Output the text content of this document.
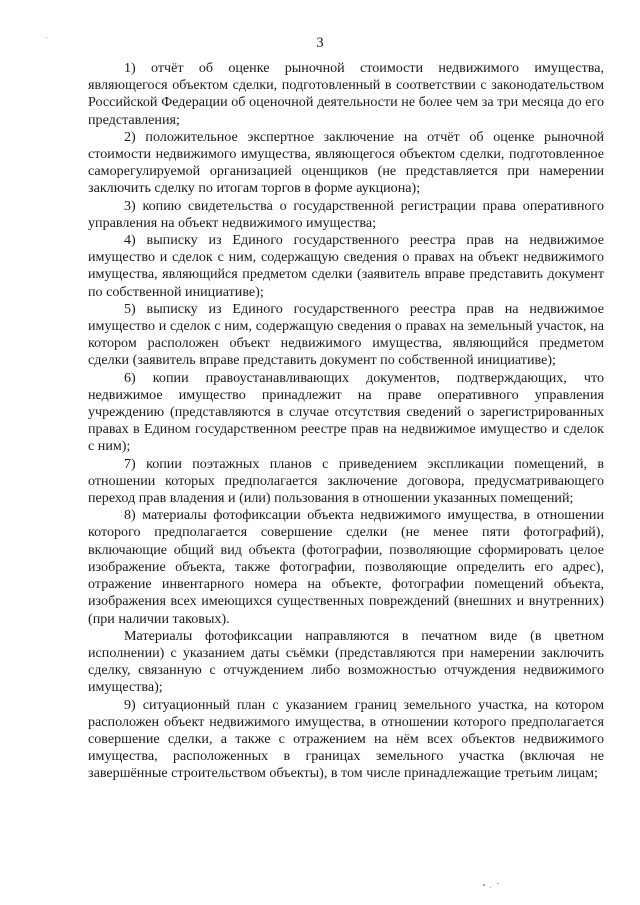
3

1) отчёт об оценке рыночной стоимости недвижимого имущества, являющегося объектом сделки, подготовленный в соответствии с законодательством Российской Федерации об оценочной деятельности не более чем за три месяца до его представления;

2) положительное экспертное заключение на отчёт об оценке рыночной стоимости недвижимого имущества, являющегося объектом сделки, подготовленное саморегулируемой организацией оценщиков (не представляется при намерении заключить сделку по итогам торгов в форме аукциона);

3) копию свидетельства о государственной регистрации права оперативного управления на объект недвижимого имущества;

4) выписку из Единого государственного реестра прав на недвижимое имущество и сделок с ним, содержащую сведения о правах на объект недвижимого имущества, являющийся предметом сделки (заявитель вправе представить документ по собственной инициативе);

5) выписку из Единого государственного реестра прав на недвижимое имущество и сделок с ним, содержащую сведения о правах на земельный участок, на котором расположен объект недвижимого имущества, являющийся предметом сделки (заявитель вправе представить документ по собственной инициативе);

6) копии правоустанавливающих документов, подтверждающих, что недвижимое имущество принадлежит на праве оперативного управления учреждению (представляются в случае отсутствия сведений о зарегистрированных правах в Едином государственном реестре прав на недвижимое имущество и сделок с ним);

7) копии поэтажных планов с приведением экспликации помещений, в отношении которых предполагается заключение договора, предусматривающего переход прав владения и (или) пользования в отношении указанных помещений;

8) материалы фотофиксации объекта недвижимого имущества, в отношении которого предполагается совершение сделки (не менее пяти фотографий), включающие общий вид объекта (фотографии, позволяющие сформировать целое изображение объекта, также фотографии, позволяющие определить его адрес), отражение инвентарного номера на объекте, фотографии помещений объекта, изображения всех имеющихся существенных повреждений (внешних и внутренних) (при наличии таковых).

Материалы фотофиксации направляются в печатном виде (в цветном исполнении) с указанием даты съёмки (представляются при намерении заключить сделку, связанную с отчуждением либо возможностью отчуждения недвижимого имущества);

9) ситуационный план с указанием границ земельного участка, на котором расположен объект недвижимого имущества, в отношении которого предполагается совершение сделки, а также с отражением на нём всех объектов недвижимого имущества, расположенных в границах земельного участка (включая не завершённые строительством объекты), в том числе принадлежащие третьим лицам;
